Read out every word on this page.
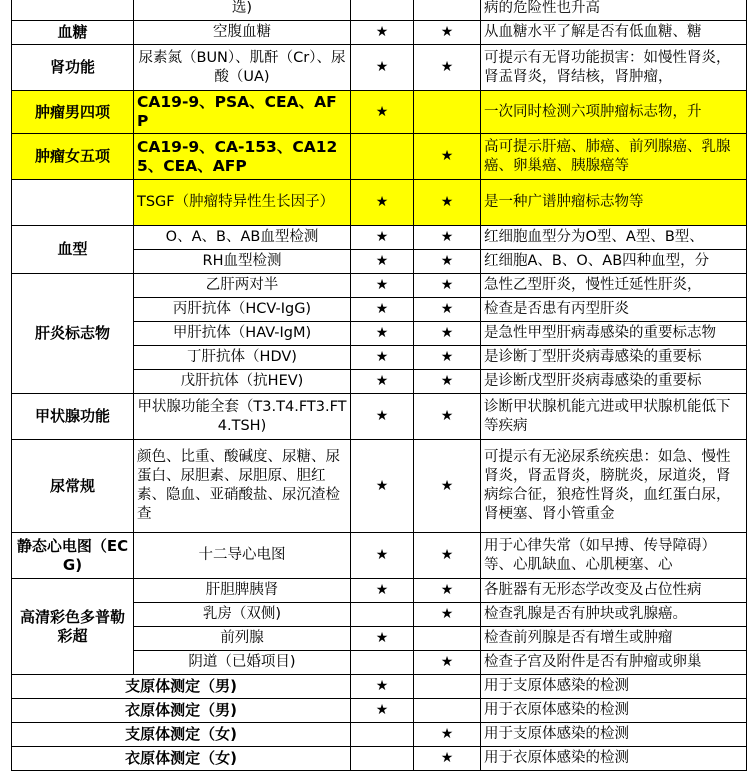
	选)			病的危险性也升高
血糖	空腹血糖	★	★	从血糖水平了解是否有低血糖、糖
肾功能	尿素氮（BUN）、肌酐（Cr）、尿酸（UA)	★	★	可提示有无肾功能损害：如慢性肾炎，肾盂肾炎，肾结核，肾肿瘤，
肿瘤男四项	CA19-9、PSA、CEA、AFP	★		一次同时检测六项肿瘤标志物，升
肿瘤女五项	CA19-9、CA-153、CA125、CEA、AFP		★	高可提示肝癌、肺癌、前列腺癌、乳腺癌、卵巢癌、胰腺癌等
	TSGF（肿瘤特异性生长因子）	★	★	是一种广谱肿瘤标志物等
血型	O、A、B、AB血型检测	★	★	红细胞血型分为O型、A型、B型、
	RH血型检测	★	★	红细胞A、B、O、AB四种血型，分
肝炎标志物	乙肝两对半	★	★	急性乙型肝炎，慢性迁延性肝炎，
	丙肝抗体（HCV-IgG)	★	★	检查是否患有丙型肝炎
	甲肝抗体（HAV-IgM)	★	★	是急性甲型肝病毒感染的重要标志物
	丁肝抗体（HDV)	★	★	是诊断丁型肝炎病毒感染的重要标
	戊肝抗体（抗HEV)	★	★	是诊断戊型肝炎病毒感染的重要标
甲状腺功能	甲状腺功能全套（T3.T4.FT3.FT4.TSH)	★	★	诊断甲状腺机能亢进或甲状腺机能低下等疾病
尿常规	颜色、比重、酸碱度、尿糖、尿蛋白、尿胆素、尿胆原、胆红素、隐血、亚硝酸盐、尿沉渣检查	★	★	可提示有无泌尿系统疾患：如急、慢性肾炎，肾盂肾炎，膀胱炎，尿道炎，肾病综合征，狼疮性肾炎，血红蛋白尿，肾梗塞、肾小管重金
静态心电图（ECG)	十二导心电图	★	★	用于心律失常（如早搏、传导障碍）等、心肌缺血、心肌梗塞、心
高清彩色多普勒彩超	肝胆脾胰肾	★	★	各脏器有无形态学改变及占位性病
	乳房（双侧)		★	检查乳腺是否有肿块或乳腺癌。
	前列腺	★		检查前列腺是否有增生或肿瘤
	阴道（已婚项目)		★	检查子宫及附件是否有肿瘤或卵巢
支原体测定（男)		★		用于支原体感染的检测
衣原体测定（男)		★		用于衣原体感染的检测
支原体测定（女)			★	用于支原体感染的检测
衣原体测定（女)			★	用于衣原体感染的检测
